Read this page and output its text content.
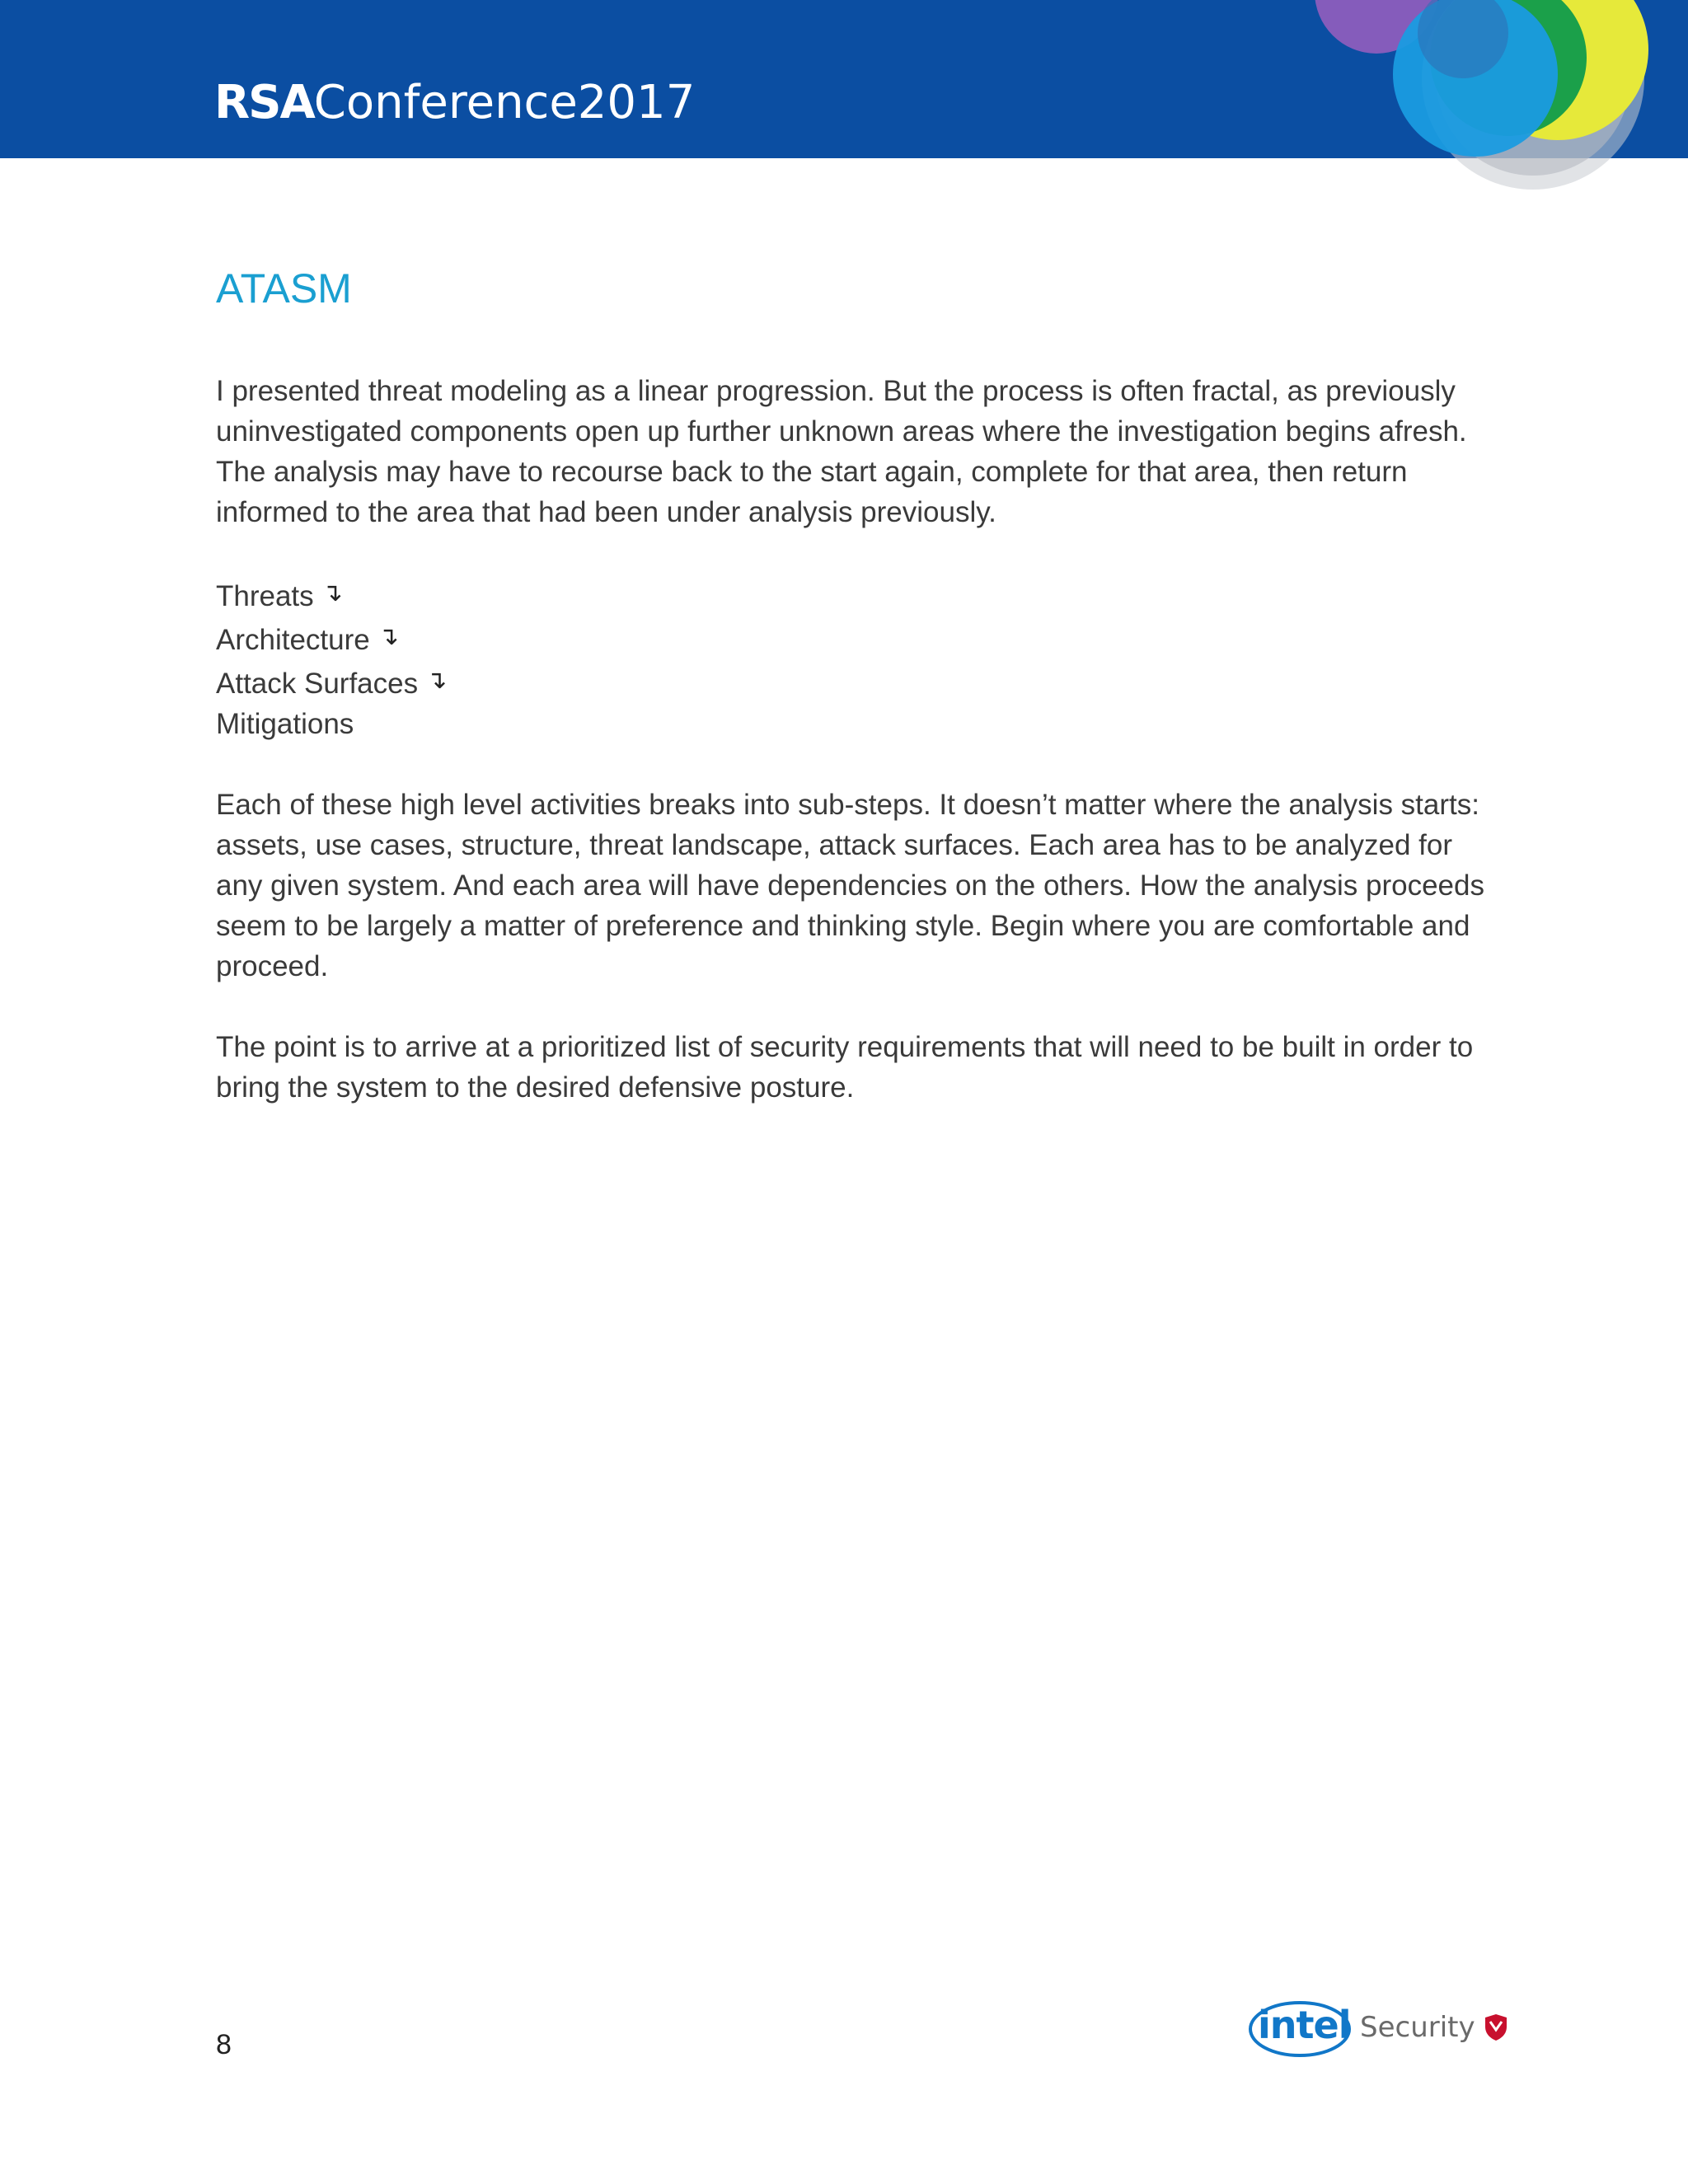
RSA Conference2017
ATASM

I presented threat modeling as a linear progression. But the process is often fractal, as previously uninvestigated components open up further unknown areas where the investigation begins afresh. The analysis may have to recourse back to the start again, complete for that area, then return informed to the area that had been under analysis previously.

Threats ↴
Architecture ↴
Attack Surfaces ↴
Mitigations

Each of these high level activities breaks into sub-steps. It doesn’t matter where the analysis starts: assets, use cases, structure, threat landscape, attack surfaces. Each area has to be analyzed for any given system. And each area will have dependencies on the others. How the analysis proceeds seem to be largely a matter of preference and thinking style. Begin where you are comfortable and proceed.

The point is to arrive at a prioritized list of security requirements that will need to be built in order to bring the system to the desired defensive posture.

8	intel Security
